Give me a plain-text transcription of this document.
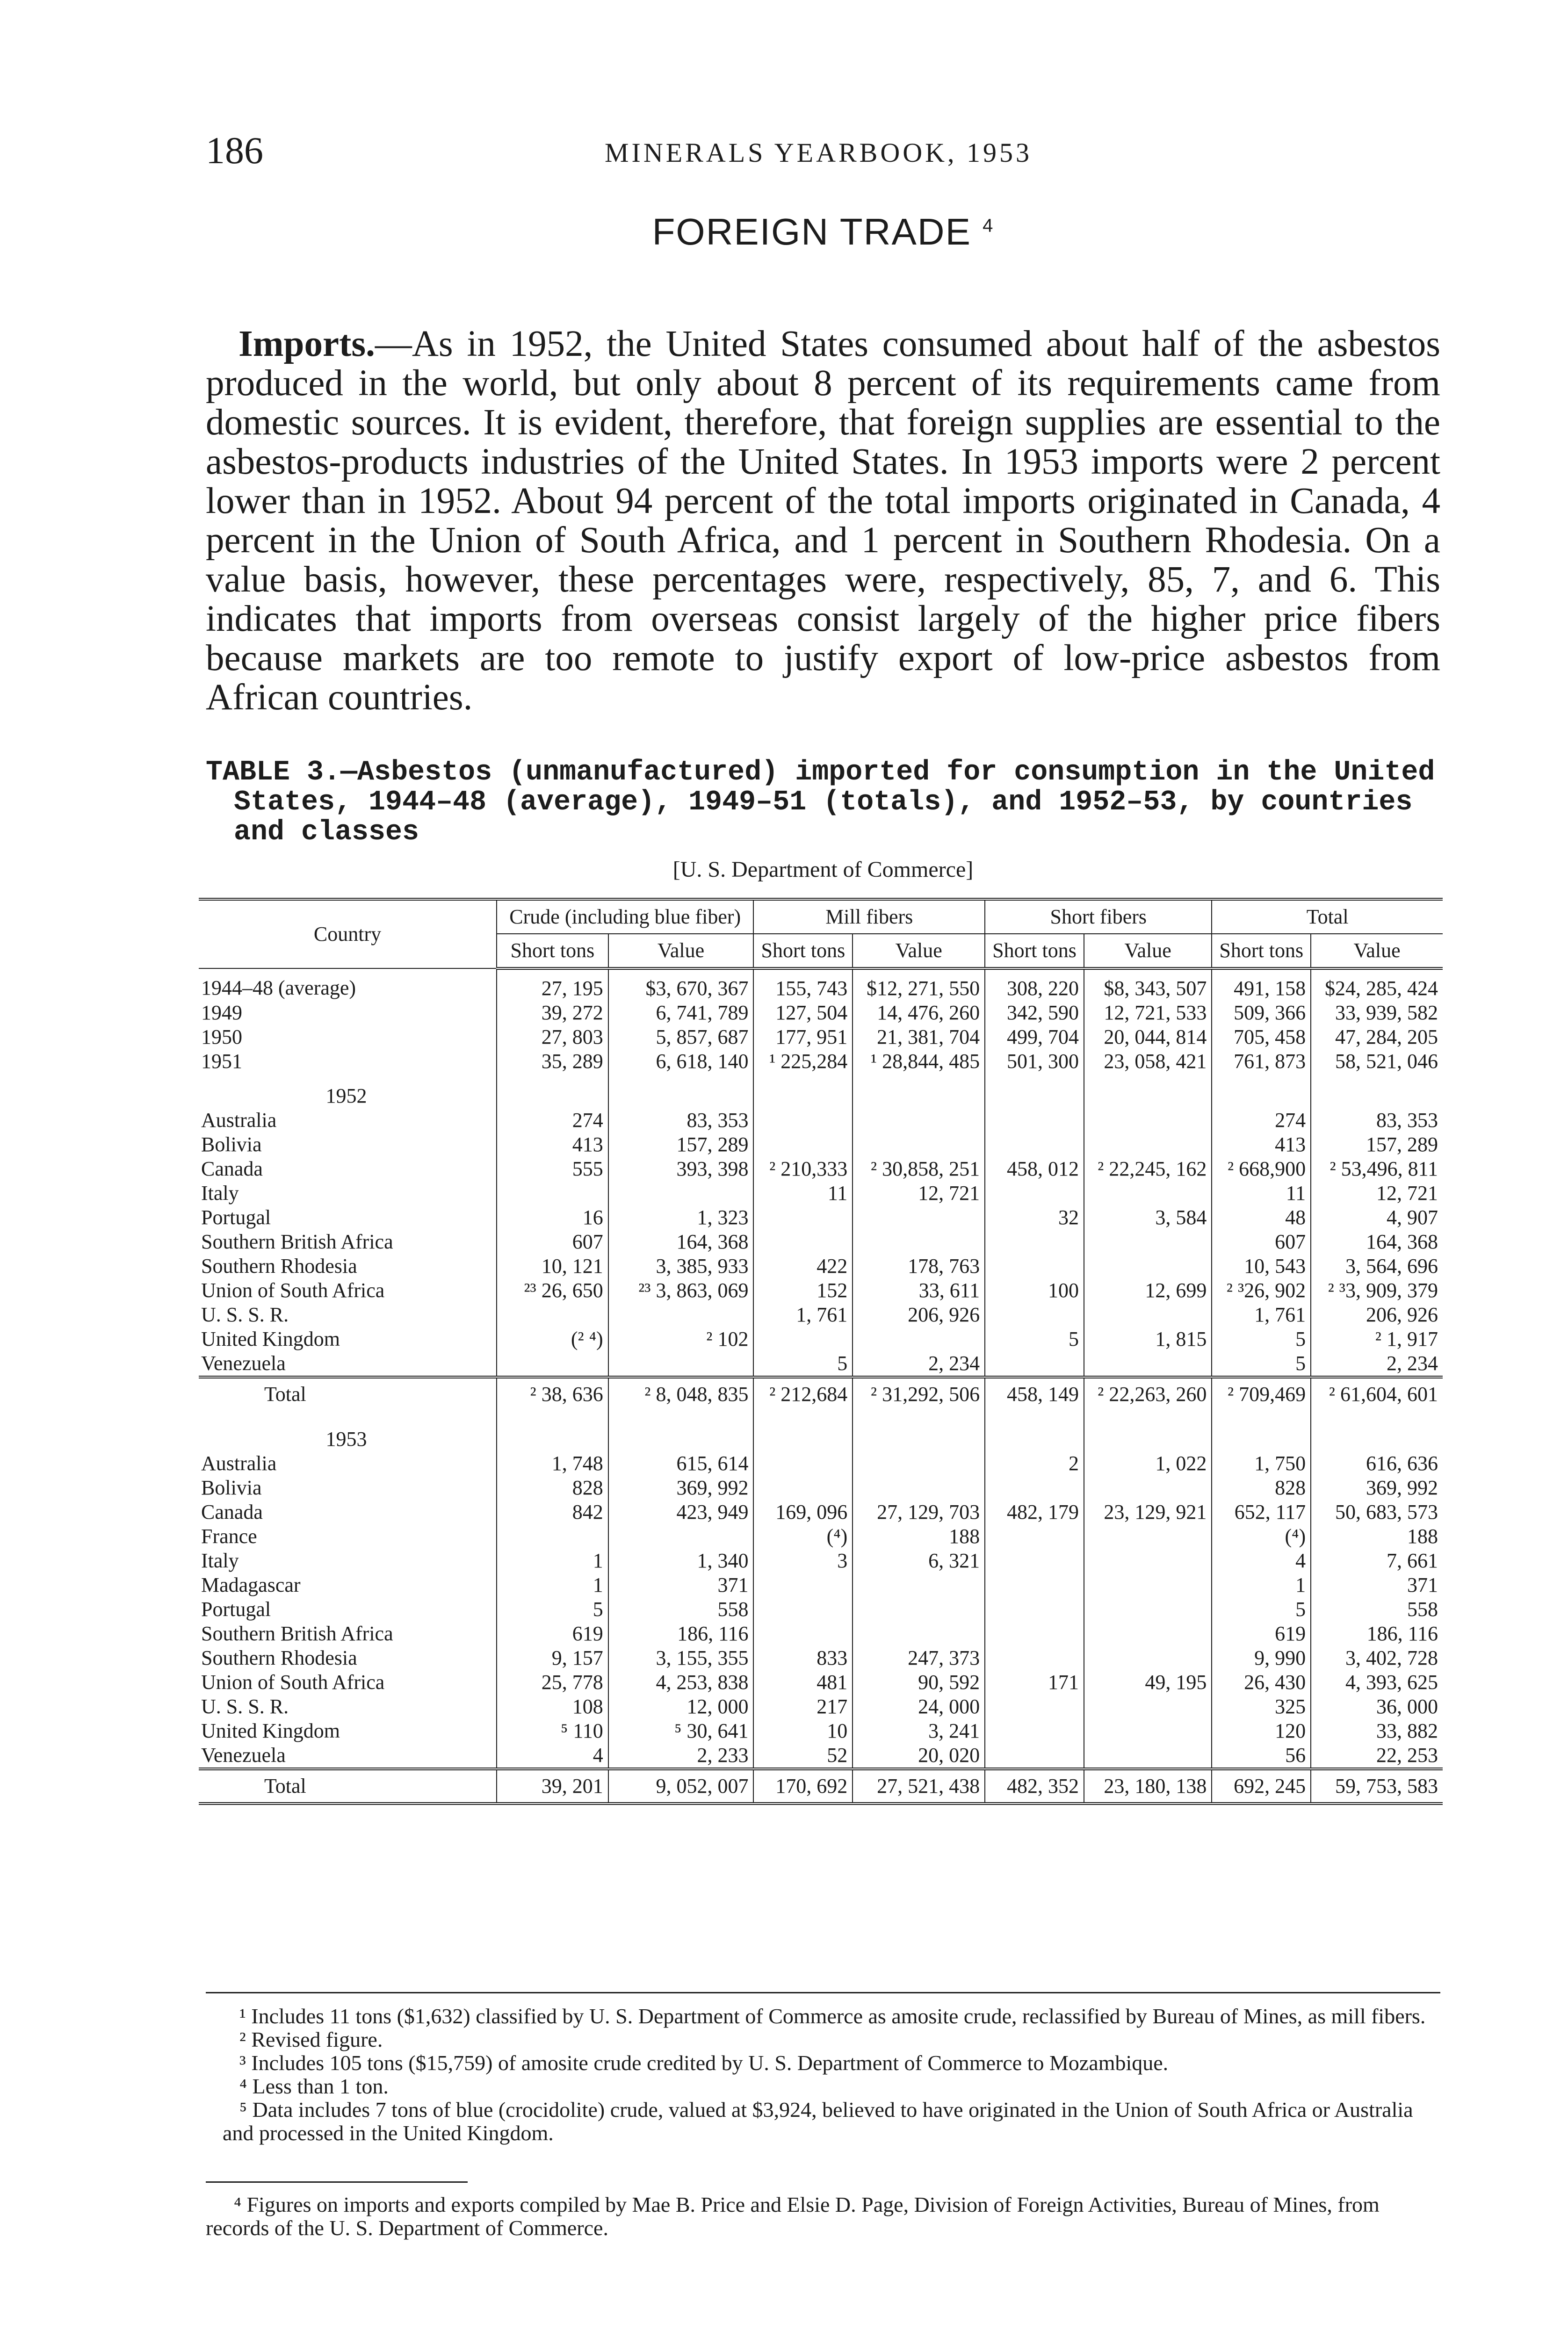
186	MINERALS YEARBOOK, 1953
FOREIGN TRADE $^4$

Imports.—As in 1952, the United States consumed about half of the asbestos produced in the world, but only about 8 percent of its requirements came from domestic sources. It is evident, therefore, that foreign supplies are essential to the asbestos-products industries of the United States. In 1953 imports were 2 percent lower than in 1952. About 94 percent of the total imports originated in Canada, 4 percent in the Union of South Africa, and 1 percent in Southern Rhodesia. On a value basis, however, these percentages were, respectively, 85, 7, and 6. This indicates that imports from overseas consist largely of the higher price fibers because markets are too remote to justify export of low-price asbestos from African countries.

TABLE 3.—Asbestos (unmanufactured) imported for consumption in the United States, 1944–48 (average), 1949–51 (totals), and 1952–53, by countries and classes
[U. S. Department of Commerce]
Country	Crude (including blue fiber)		Mill fibers		Short fibers		Total	
	Short tons	Value	Short tons	Value	Short tons	Value	Short tons	Value
1944–48 (average)	27, 195	$3, 670, 367	155, 743	$12, 271, 550	308, 220	$8, 343, 507	491, 158	$24, 285, 424
1949	39, 272	6, 741, 789	127, 504	14, 476, 260	342, 590	12, 721, 533	509, 366	33, 939, 582
1950	27, 803	5, 857, 687	177, 951	21, 381, 704	499, 704	20, 044, 814	705, 458	47, 284, 205
1951	35, 289	6, 618, 140	¹ 225,284	¹ 28,844, 485	501, 300	23, 058, 421	761, 873	58, 521, 046
1952								
Australia	274	83, 353					274	83, 353
Bolivia	413	157, 289					413	157, 289
Canada	555	393, 398	² 210,333	² 30,858, 251	458, 012	² 22,245, 162	² 668,900	² 53,496, 811
Italy			11	12, 721			11	12, 721
Portugal	16	1, 323			32	3, 584	48	4, 907
Southern British Africa	607	164, 368					607	164, 368
Southern Rhodesia	10, 121	3, 385, 933	422	178, 763			10, 543	3, 564, 696
Union of South Africa	²³ 26, 650	²³ 3, 863, 069	152	33, 611	100	12, 699	² ³26, 902	² ³3, 909, 379
U. S. S. R.			1, 761	206, 926			1, 761	206, 926
United Kingdom	(² ⁴)	² 102			5	1, 815	5	² 1, 917
Venezuela			5	2, 234			5	2, 234
Total	² 38, 636	² 8, 048, 835	² 212,684	² 31,292, 506	458, 149	² 22,263, 260	² 709,469	² 61,604, 601

1953								
Australia	1, 748	615, 614			2	1, 022	1, 750	616, 636
Bolivia	828	369, 992					828	369, 992
Canada	842	423, 949	169, 096	27, 129, 703	482, 179	23, 129, 921	652, 117	50, 683, 573
France			(⁴)	188			(⁴)	188
Italy	1	1, 340	3	6, 321			4	7, 661
Madagascar	1	371					1	371
Portugal	5	558					5	558
Southern British Africa	619	186, 116					619	186, 116
Southern Rhodesia	9, 157	3, 155, 355	833	247, 373			9, 990	3, 402, 728
Union of South Africa	25, 778	4, 253, 838	481	90, 592	171	49, 195	26, 430	4, 393, 625
U. S. S. R.	108	12, 000	217	24, 000			325	36, 000
United Kingdom	⁵ 110	⁵ 30, 641	10	3, 241			120	33, 882
Venezuela	4	2, 233	52	20, 020			56	22, 253
Total	39, 201	9, 052, 007	170, 692	27, 521, 438	482, 352	23, 180, 138	692, 245	59, 753, 583

¹ Includes 11 tons ($1,632) classified by U. S. Department of Commerce as amosite crude, reclassified by Bureau of Mines, as mill fibers.

² Revised figure.

³ Includes 105 tons ($15,759) of amosite crude credited by U. S. Department of Commerce to Mozambique.

⁴ Less than 1 ton.

⁵ Data includes 7 tons of blue (crocidolite) crude, valued at $3,924, believed to have originated in the Union of South Africa or Australia and processed in the United Kingdom.

⁴ Figures on imports and exports compiled by Mae B. Price and Elsie D. Page, Division of Foreign Activities, Bureau of Mines, from records of the U. S. Department of Commerce.
